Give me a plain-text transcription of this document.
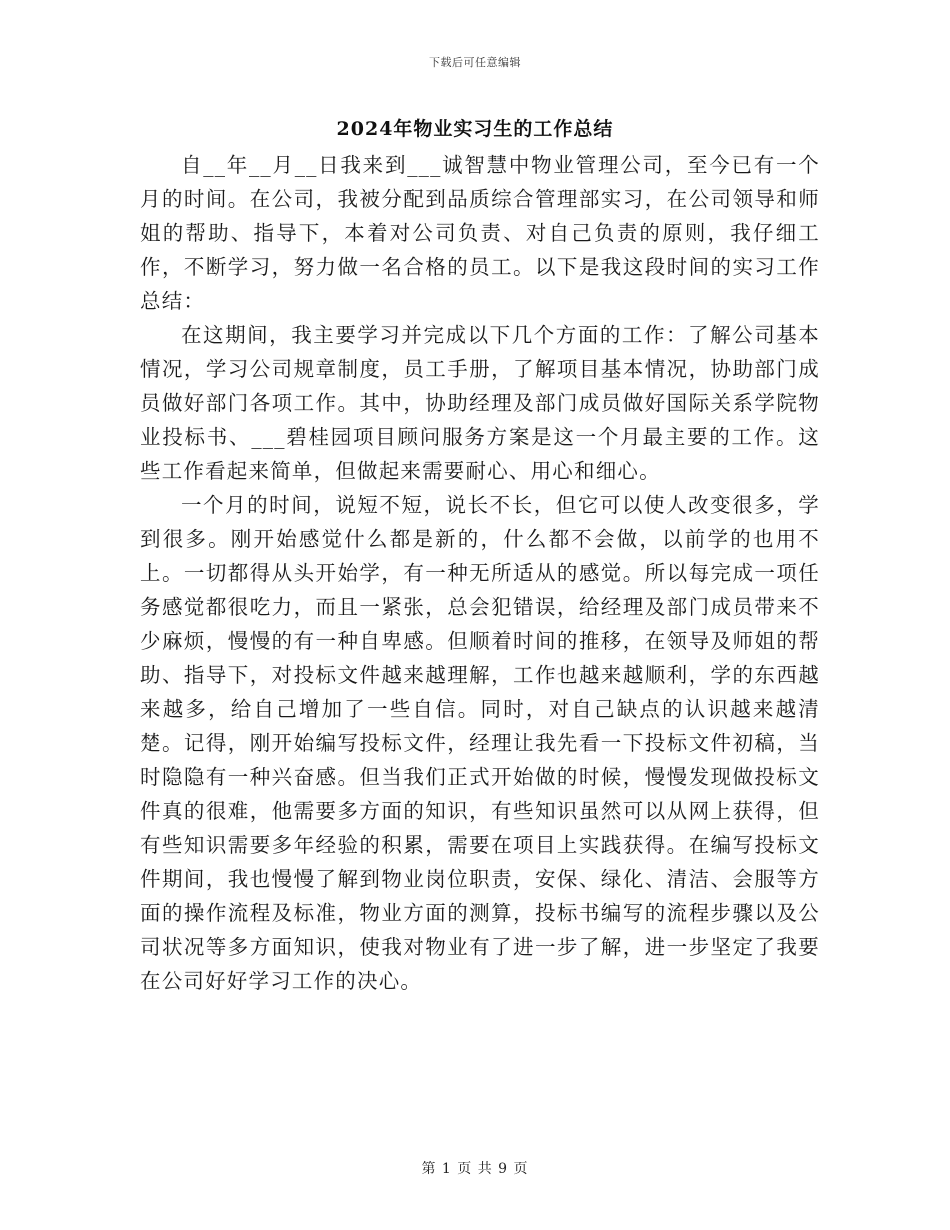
下载后可任意编辑
2024年物业实习生的工作总结

自__年__月__日我来到___诚智慧中物业管理公司，至今已有一个月的时间。在公司，我被分配到品质综合管理部实习，在公司领导和师姐的帮助、指导下，本着对公司负责、对自己负责的原则，我仔细工作，不断学习，努力做一名合格的员工。以下是我这段时间的实习工作总结：

在这期间，我主要学习并完成以下几个方面的工作：了解公司基本情况，学习公司规章制度，员工手册，了解项目基本情况，协助部门成员做好部门各项工作。其中，协助经理及部门成员做好国际关系学院物业投标书、___碧桂园项目顾问服务方案是这一个月最主要的工作。这些工作看起来简单，但做起来需要耐心、用心和细心。

一个月的时间，说短不短，说长不长，但它可以使人改变很多，学到很多。刚开始感觉什么都是新的，什么都不会做，以前学的也用不上。一切都得从头开始学，有一种无所适从的感觉。所以每完成一项任务感觉都很吃力，而且一紧张，总会犯错误，给经理及部门成员带来不少麻烦，慢慢的有一种自卑感。但顺着时间的推移，在领导及师姐的帮助、指导下，对投标文件越来越理解，工作也越来越顺利，学的东西越来越多，给自己增加了一些自信。同时，对自己缺点的认识越来越清楚。记得，刚开始编写投标文件，经理让我先看一下投标文件初稿，当时隐隐有一种兴奋感。但当我们正式开始做的时候，慢慢发现做投标文件真的很难，他需要多方面的知识，有些知识虽然可以从网上获得，但有些知识需要多年经验的积累，需要在项目上实践获得。在编写投标文件期间，我也慢慢了解到物业岗位职责，安保、绿化、清洁、会服等方面的操作流程及标准，物业方面的测算，投标书编写的流程步骤以及公司状况等多方面知识，使我对物业有了进一步了解，进一步坚定了我要在公司好好学习工作的决心。

第 1 页 共 9 页
